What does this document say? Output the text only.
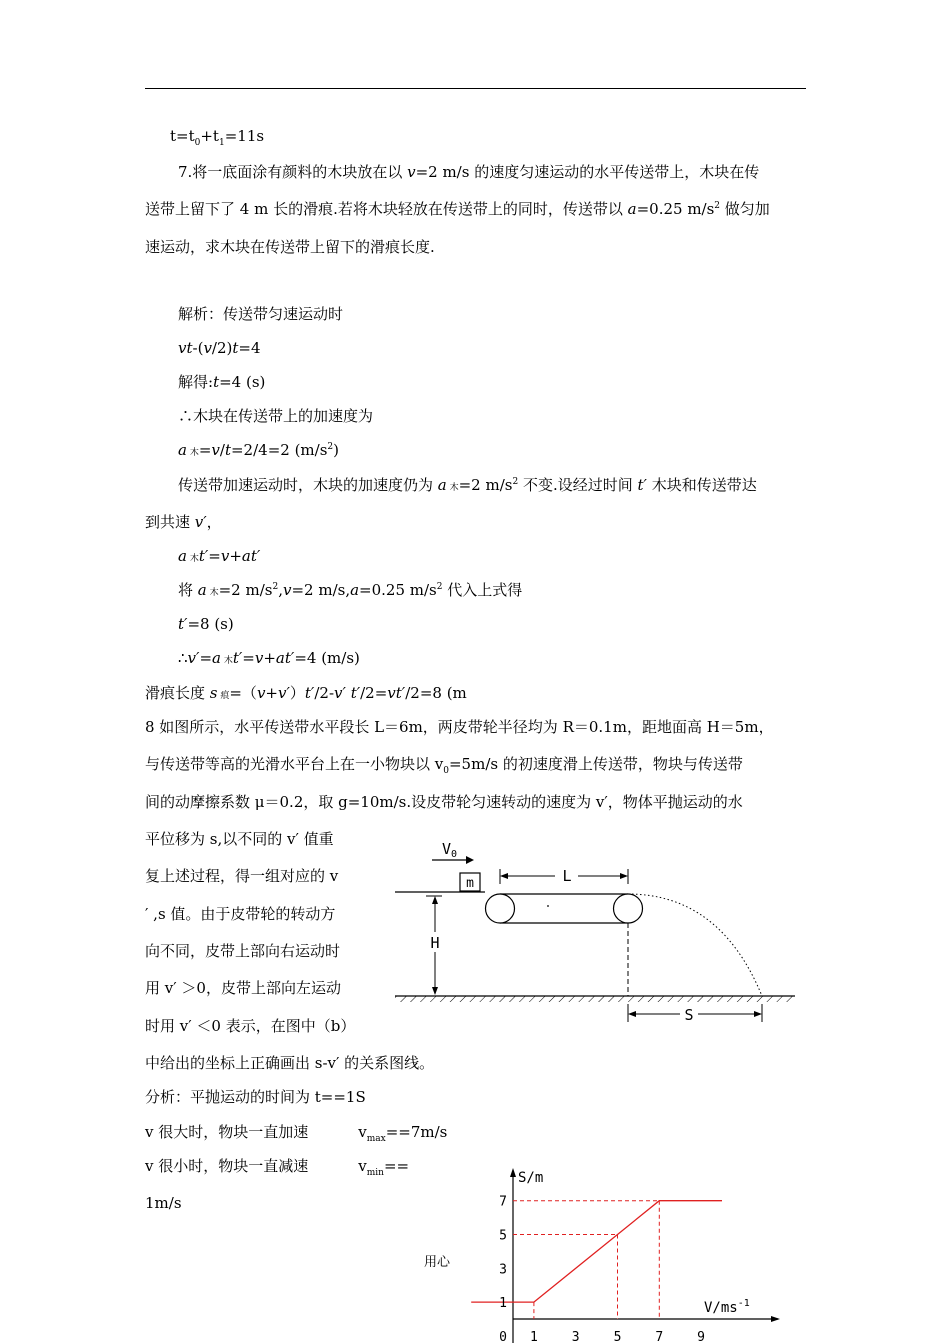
$t=t_0+t_1=11s$
7.将一底面涂有颜料的木块放在以 v=2 m/s 的速度匀速运动的水平传送带上，木块在传
送带上留下了 4 m 长的滑痕.若将木块轻放在传送带上的同时，传送带以 a=0.25 $m/s^2$ 做匀加
速运动，求木块在传送带上留下的滑痕长度.
解析：传送带匀速运动时
vt-(v/2)t=4
解得:t=4 (s)
∴木块在传送带上的加速度为
a 木=v/t=2/4=2 $(m/s^2)$
传送带加速运动时，木块的加速度仍为 a 木=2 $m/s^2$ 不变.设经过时间 t′ 木块和传送带达
到共速 v′，
a 木t′=v+at′
将 a 木=2 $m/s^2,v=2$ m/s,a=0.25 $m/s^2$ 代入上式得
t′=8 (s)
∴v′=a 木t′=v+at′=4 (m/s)
滑痕长度 s 痕=（v+v′）t′/2-v′ t′/2=vt′/2=8 (m
8 如图所示，水平传送带水平段长 L＝6m，两皮带轮半径均为 R＝0.1m，距地面高 H＝5m，
与传送带等高的光滑水平台上在一小物块以 $v_0=5m/s$ 的初速度滑上传送带，物块与传送带
间的动摩擦系数 μ＝0.2，取 g=10m/s.设皮带轮匀速转动的速度为 v′，物体平抛运动的水
平位移为 s,以不同的 v′ 值重
复上述过程，得一组对应的 v
′ ,s 值。由于皮带轮的转动方
向不同，皮带上部向右运动时
用 v′ ＞0，皮带上部向左运动
时用 v′ ＜0 表示，在图中（b）
中给出的坐标上正确画出 s-v′ 的关系图线。
分析：平抛运动的时间为 t==1S
v 很大时，物块一直加速	$v_{max}==7m/s$
v 很小时，物块一直减速	$v_{min}==$
1m/s
用心
$V_0$
m	L
H
S
S/m
$V/ms^{-1}$
0 1	3	5	7	9
1
3
5
7
